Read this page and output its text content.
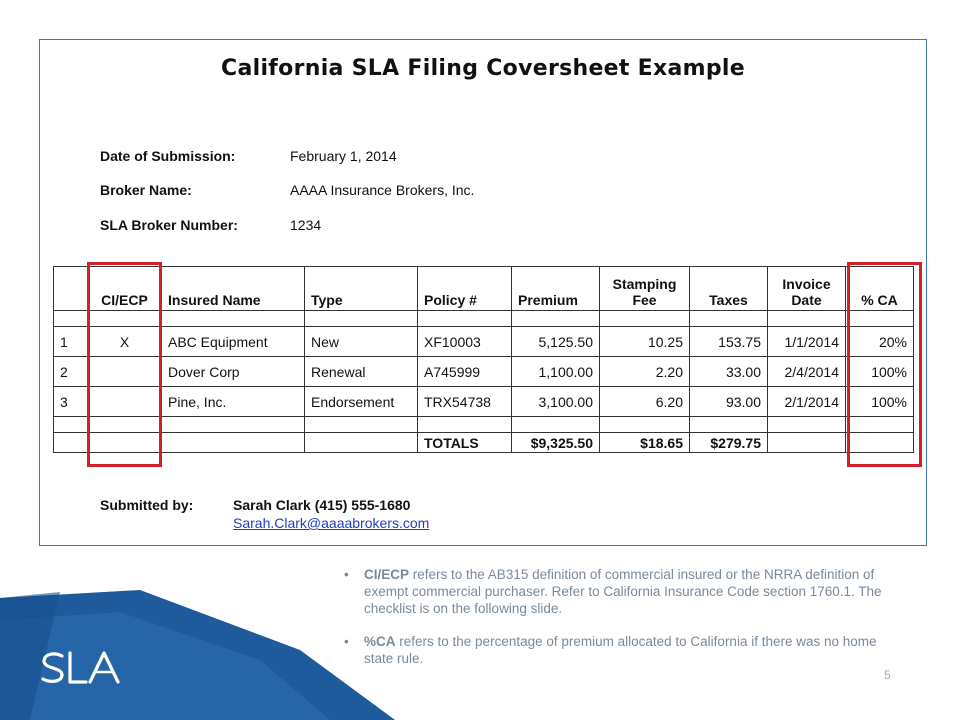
California SLA Filing Coversheet Example
Date of Submission:	February 1, 2014
Broker Name:	AAAA Insurance Brokers, Inc.
SLA Broker Number:	1234
	CI/ECP	Insured Name	Type	Policy #	Premium	Stamping Fee	Taxes	Invoice Date	% CA

1	X	ABC Equipment	New	XF10003	5,125.50	10.25	153.75	1/1/2014	20%
2		Dover Corp	Renewal	A745999	1,100.00	2.20	33.00	2/4/2014	100%
3		Pine, Inc.	Endorsement	TRX54738	3,100.00	6.20	93.00	2/1/2014	100%

				TOTALS	$9,325.50	$18.65	$279.75		
Submitted by:	Sarah Clark (415) 555-1680
Sarah.Clark@aaaabrokers.com
• CI/ECP refers to the AB315 definition of commercial insured or the NRRA definition of exempt commercial purchaser. Refer to California Insurance Code section 1760.1. The checklist is on the following slide.
• %CA refers to the percentage of premium allocated to California if there was no home state rule.
5
